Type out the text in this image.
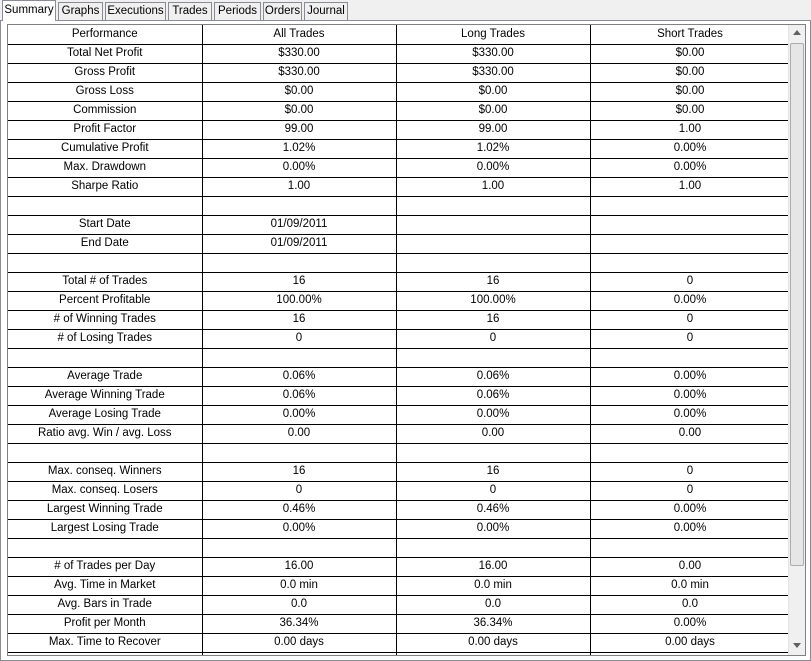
Summary Graphs Executions Trades Periods Orders Journal
Performance	All Trades	Long Trades	Short Trades
Total Net Profit	$330.00	$330.00	$0.00
Gross Profit	$330.00	$330.00	$0.00
Gross Loss	$0.00	$0.00	$0.00
Commission	$0.00	$0.00	$0.00
Profit Factor	99.00	99.00	1.00
Cumulative Profit	1.02%	1.02%	0.00%
Max. Drawdown	0.00%	0.00%	0.00%
Sharpe Ratio	1.00	1.00	1.00

Start Date	01/09/2011		
End Date	01/09/2011		

Total # of Trades	16	16	0
Percent Profitable	100.00%	100.00%	0.00%
# of Winning Trades	16	16	0
# of Losing Trades	0	0	0

Average Trade	0.06%	0.06%	0.00%
Average Winning Trade	0.06%	0.06%	0.00%
Average Losing Trade	0.00%	0.00%	0.00%
Ratio avg. Win / avg. Loss	0.00	0.00	0.00

Max. conseq. Winners	16	16	0
Max. conseq. Losers	0	0	0
Largest Winning Trade	0.46%	0.46%	0.00%
Largest Losing Trade	0.00%	0.00%	0.00%

# of Trades per Day	16.00	16.00	0.00
Avg. Time in Market	0.0 min	0.0 min	0.0 min
Avg. Bars in Trade	0.0	0.0	0.0
Profit per Month	36.34%	36.34%	0.00%
Max. Time to Recover	0.00 days	0.00 days	0.00 days
